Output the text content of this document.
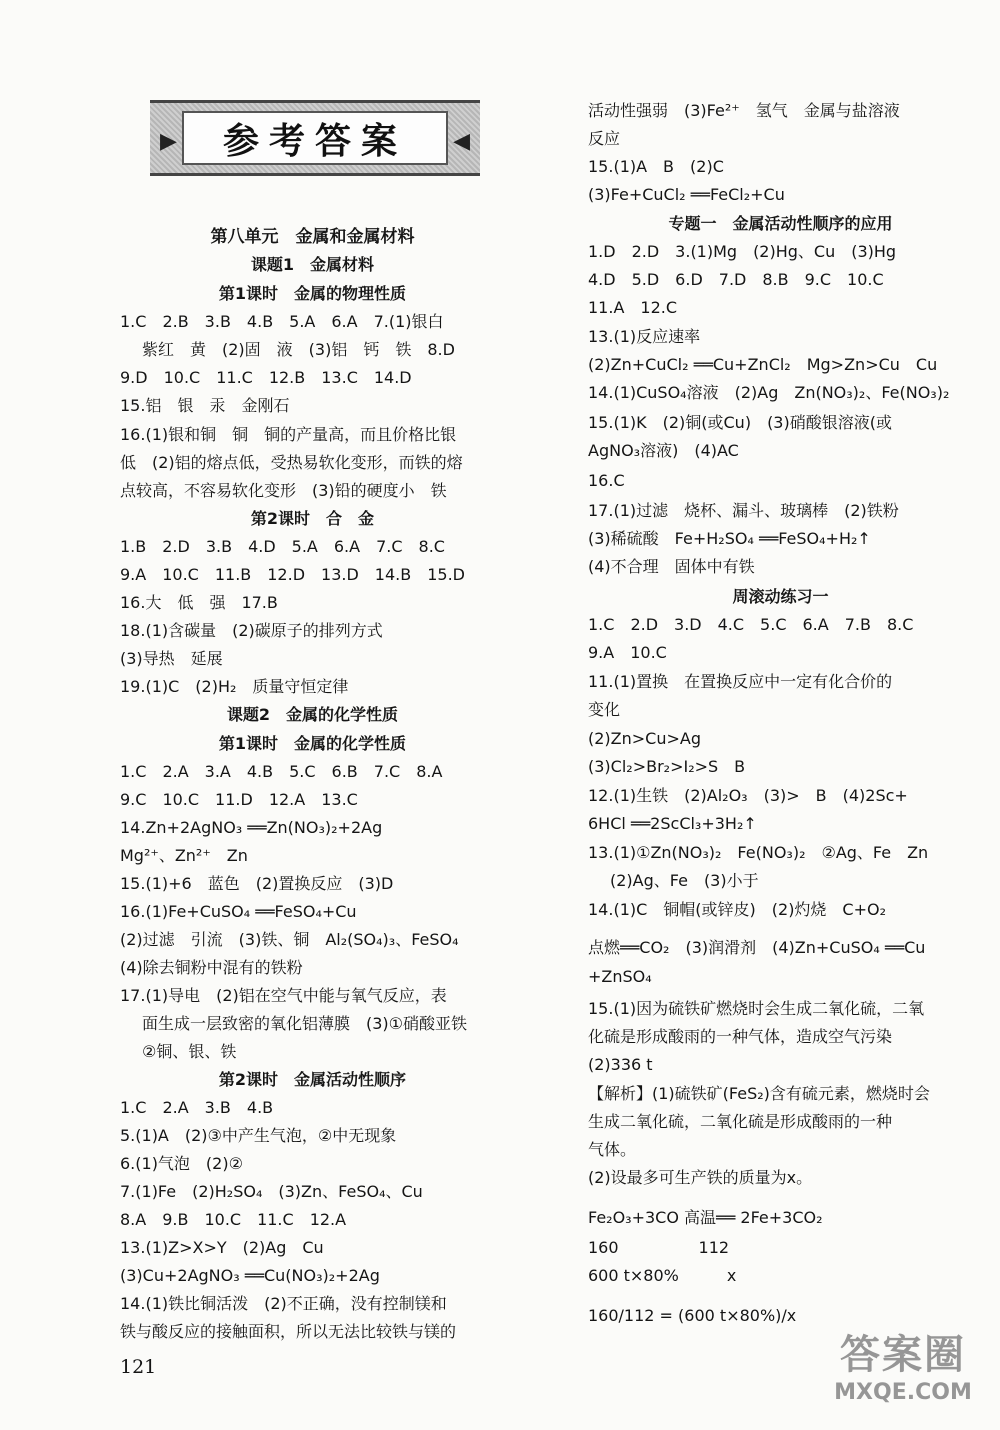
▶	参考答案	◀
第八单元　金属和金属材料
课题1　金属材料
第1课时　金属的物理性质
1.C　2.B　3.B　4.B　5.A　6.A　7.(1)银白
紫红　黄　(2)固　液　(3)铝　钙　铁　8.D
9.D　10.C　11.C　12.B　13.C　14.D
15.铝　银　汞　金刚石
16.(1)银和铜　铜　铜的产量高，而且价格比银
低　(2)铝的熔点低，受热易软化变形，而铁的熔
点较高，不容易软化变形　(3)铅的硬度小　铁
第2课时　合　金
1.B　2.D　3.B　4.D　5.A　6.A　7.C　8.C
9.A　10.C　11.B　12.D　13.D　14.B　15.D
16.大　低　强　17.B
18.(1)含碳量　(2)碳原子的排列方式
(3)导热　延展
19.(1)C　(2)H₂　质量守恒定律
课题2　金属的化学性质
第1课时　金属的化学性质
1.C　2.A　3.A　4.B　5.C　6.B　7.C　8.A
9.C　10.C　11.D　12.A　13.C
14.Zn+2AgNO₃ ══Zn(NO₃)₂+2Ag
Mg²⁺、Zn²⁺　Zn
15.(1)+6　蓝色　(2)置换反应　(3)D
16.(1)Fe+CuSO₄ ══FeSO₄+Cu
(2)过滤　引流　(3)铁、铜　Al₂(SO₄)₃、FeSO₄
(4)除去铜粉中混有的铁粉
17.(1)导电　(2)铝在空气中能与氧气反应，表
面生成一层致密的氧化铝薄膜　(3)①硝酸亚铁
②铜、银、铁
第2课时　金属活动性顺序
1.C　2.A　3.B　4.B
5.(1)A　(2)③中产生气泡，②中无现象
6.(1)气泡　(2)②
7.(1)Fe　(2)H₂SO₄　(3)Zn、FeSO₄、Cu
8.A　9.B　10.C　11.C　12.A
13.(1)Z>X>Y　(2)Ag　Cu
(3)Cu+2AgNO₃ ══Cu(NO₃)₂+2Ag
14.(1)铁比铜活泼　(2)不正确，没有控制镁和
铁与酸反应的接触面积，所以无法比较铁与镁的
活动性强弱　(3)Fe²⁺　氢气　金属与盐溶液
反应
15.(1)A　B　(2)C
(3)Fe+CuCl₂ ══FeCl₂+Cu
专题一　金属活动性顺序的应用
1.D　2.D　3.(1)Mg　(2)Hg、Cu　(3)Hg
4.D　5.D　6.D　7.D　8.B　9.C　10.C
11.A　12.C
13.(1)反应速率
(2)Zn+CuCl₂ ══Cu+ZnCl₂　Mg>Zn>Cu　Cu
14.(1)CuSO₄溶液　(2)Ag　Zn(NO₃)₂、Fe(NO₃)₂
15.(1)K　(2)铜(或Cu)　(3)硝酸银溶液(或
AgNO₃溶液)　(4)AC
16.C
17.(1)过滤　烧杯、漏斗、玻璃棒　(2)铁粉
(3)稀硫酸　Fe+H₂SO₄ ══FeSO₄+H₂↑
(4)不合理　固体中有铁
周滚动练习一
1.C　2.D　3.D　4.C　5.C　6.A　7.B　8.C
9.A　10.C
11.(1)置换　在置换反应中一定有化合价的
变化
(2)Zn>Cu>Ag
(3)Cl₂>Br₂>I₂>S　B
12.(1)生铁　(2)Al₂O₃　(3)>　B　(4)2Sc+
6HCl ══2ScCl₃+3H₂↑
13.(1)①Zn(NO₃)₂　Fe(NO₃)₂　②Ag、Fe　Zn
(2)Ag、Fe　(3)小于
14.(1)C　铜帽(或锌皮)　(2)灼烧　C+O₂
点燃══CO₂　(3)润滑剂　(4)Zn+CuSO₄ ══Cu
+ZnSO₄
15.(1)因为硫铁矿燃烧时会生成二氧化硫，二氧
化硫是形成酸雨的一种气体，造成空气污染
(2)336 t
【解析】(1)硫铁矿(FeS₂)含有硫元素，燃烧时会
生成二氧化硫，二氧化硫是形成酸雨的一种
气体。
(2)设最多可生产铁的质量为x。
Fe₂O₃+3CO 高温══ 2Fe+3CO₂
160　　　　　112
600 t×80%　　　x
160/112 = (600 t×80%)/x
121	答案圈
MXQE.COM
